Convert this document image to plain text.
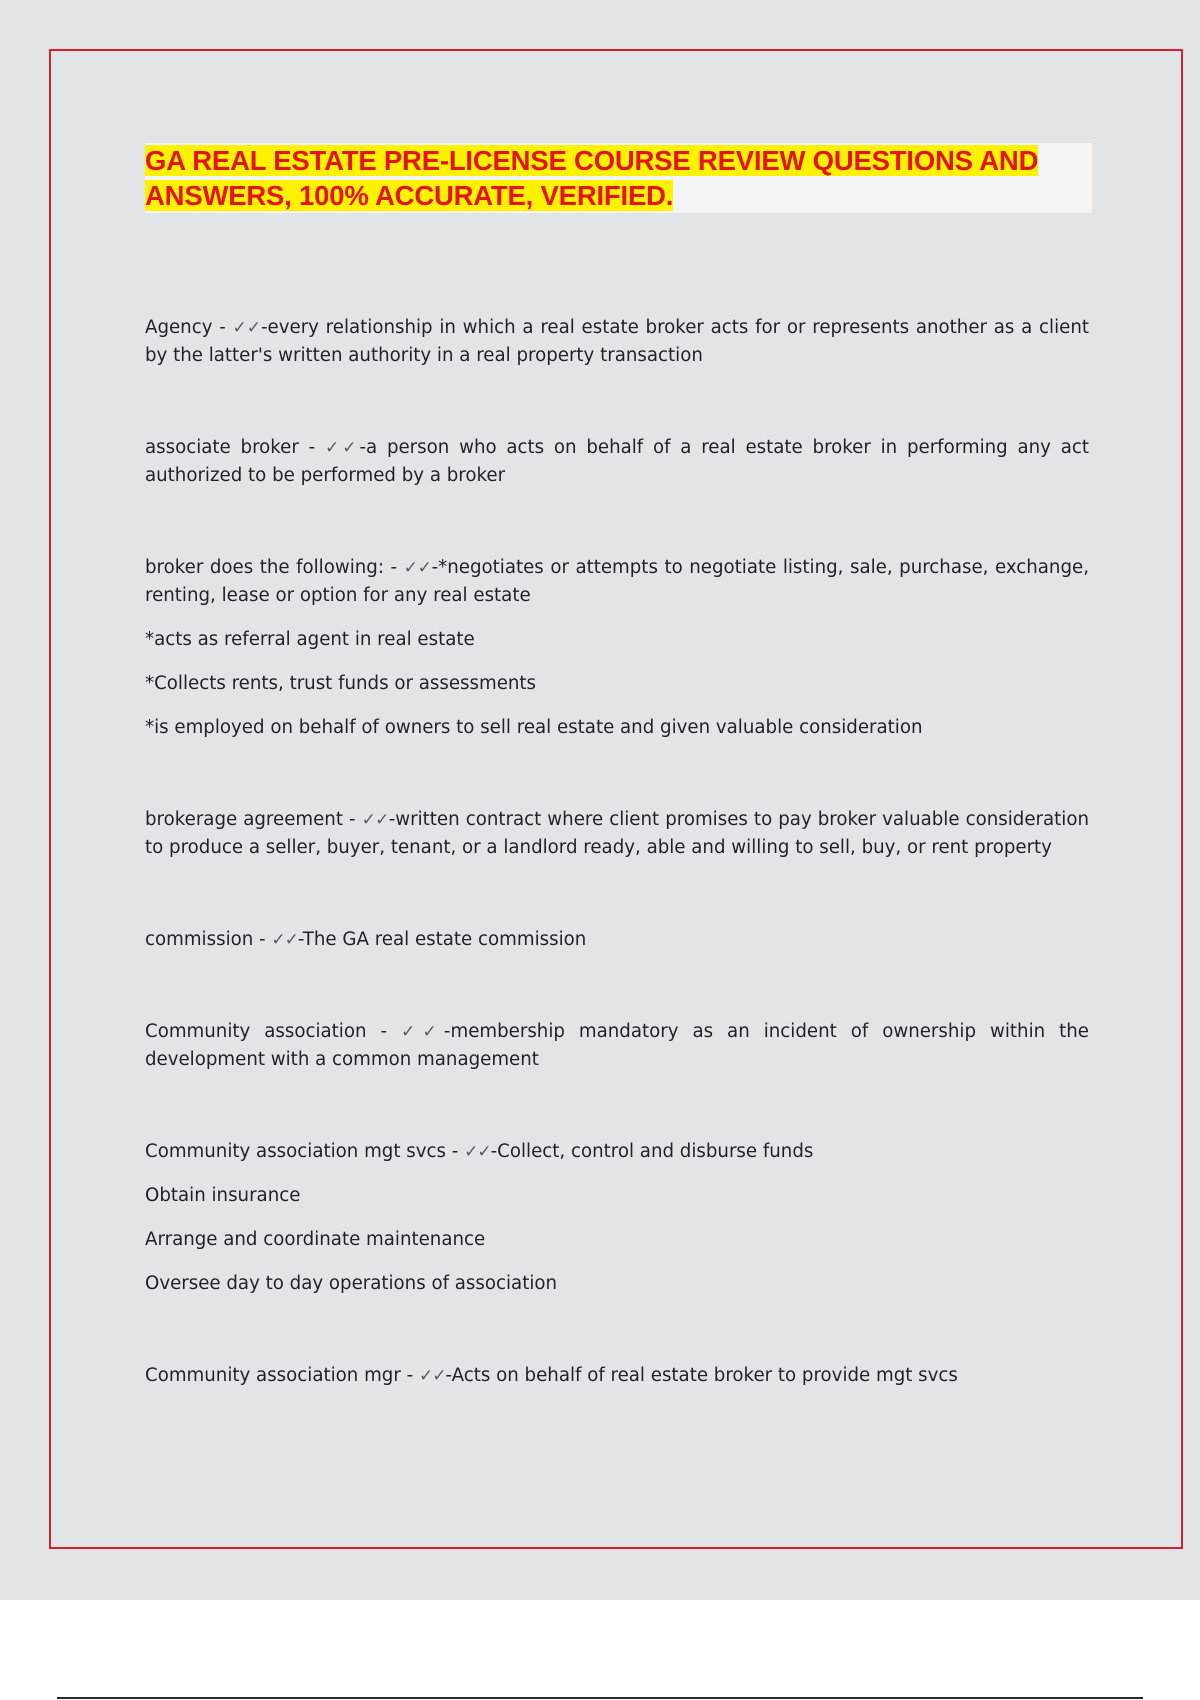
GA REAL ESTATE PRE-LICENSE COURSE REVIEW QUESTIONS AND ANSWERS, 100% ACCURATE, VERIFIED.

Agency - ✓✓-every relationship in which a real estate broker acts for or represents another as a client by the latter's written authority in a real property transaction

associate broker - ✓✓-a person who acts on behalf of a real estate broker in performing any act authorized to be performed by a broker

broker does the following: - ✓✓-*negotiates or attempts to negotiate listing, sale, purchase, exchange, renting, lease or option for any real estate

*acts as referral agent in real estate

*Collects rents, trust funds or assessments

*is employed on behalf of owners to sell real estate and given valuable consideration

brokerage agreement - ✓✓-written contract where client promises to pay broker valuable consideration to produce a seller, buyer, tenant, or a landlord ready, able and willing to sell, buy, or rent property

commission - ✓✓-The GA real estate commission

Community association - ✓✓-membership mandatory as an incident of ownership within the development with a common management

Community association mgt svcs - ✓✓-Collect, control and disburse funds

Obtain insurance

Arrange and coordinate maintenance

Oversee day to day operations of association

Community association mgr - ✓✓-Acts on behalf of real estate broker to provide mgt svcs
